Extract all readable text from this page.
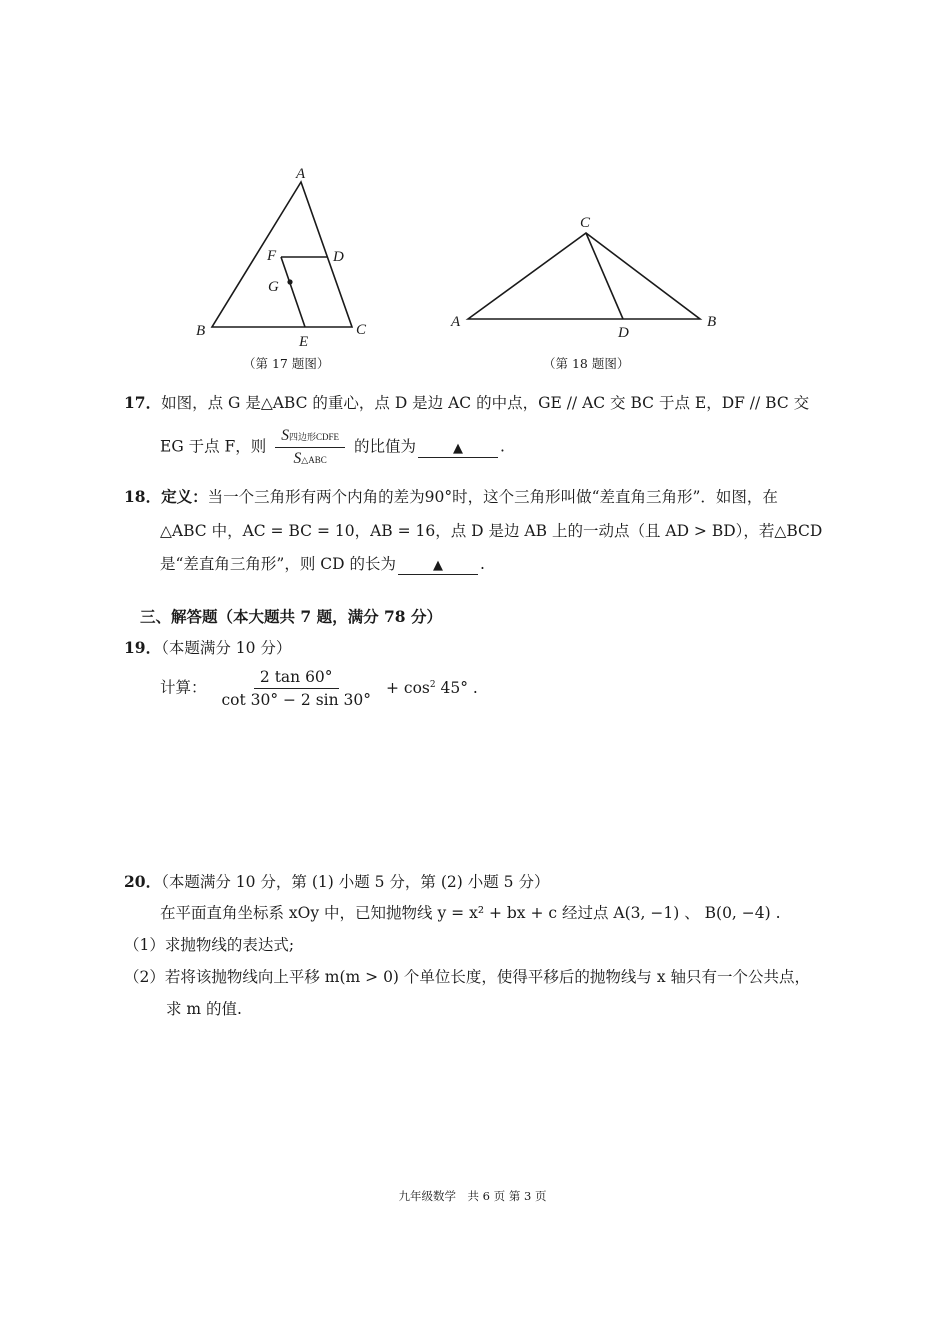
A
B	C
D
E
F
G
（第 17 题图）
C
A	B
D
（第 18 题图）
17．如图，点 G 是△ABC 的重心，点 D 是边 AC 的中点，GE // AC 交 BC 于点 E，DF // BC 交
EG 于点 F，则 $\frac{\text{S四边形CDFE}}{\text{S△ABC}}$ 的比值为	▲ .
18．定义：当一个三角形有两个内角的差为90°时，这个三角形叫做“差直角三角形”．如图，在
△ABC 中，AC = BC = 10，AB = 16，点 D 是边 AB 上的一动点（且 AD > BD），若△BCD
是“差直角三角形”，则 CD 的长为	▲ .
三、解答题（本大题共 7 题，满分 78 分）
19．（本题满分 10 分）
计算： $\frac{2 \tan 60^\circ}{\cot 30^\circ - 2 \sin 30^\circ} + \cos^2 45^\circ$ .
20．（本题满分 10 分，第 (1) 小题 5 分，第 (2) 小题 5 分）
在平面直角坐标系 xOy 中，已知抛物线 y = x² + bx + c 经过点 A(3, −1) 、 B(0, −4) .
（1）求抛物线的表达式;
（2）若将该抛物线向上平移 m(m > 0) 个单位长度，使得平移后的抛物线与 x 轴只有一个公共点，
求 m 的值.
九年级数学　共 6 页 第 3 页
